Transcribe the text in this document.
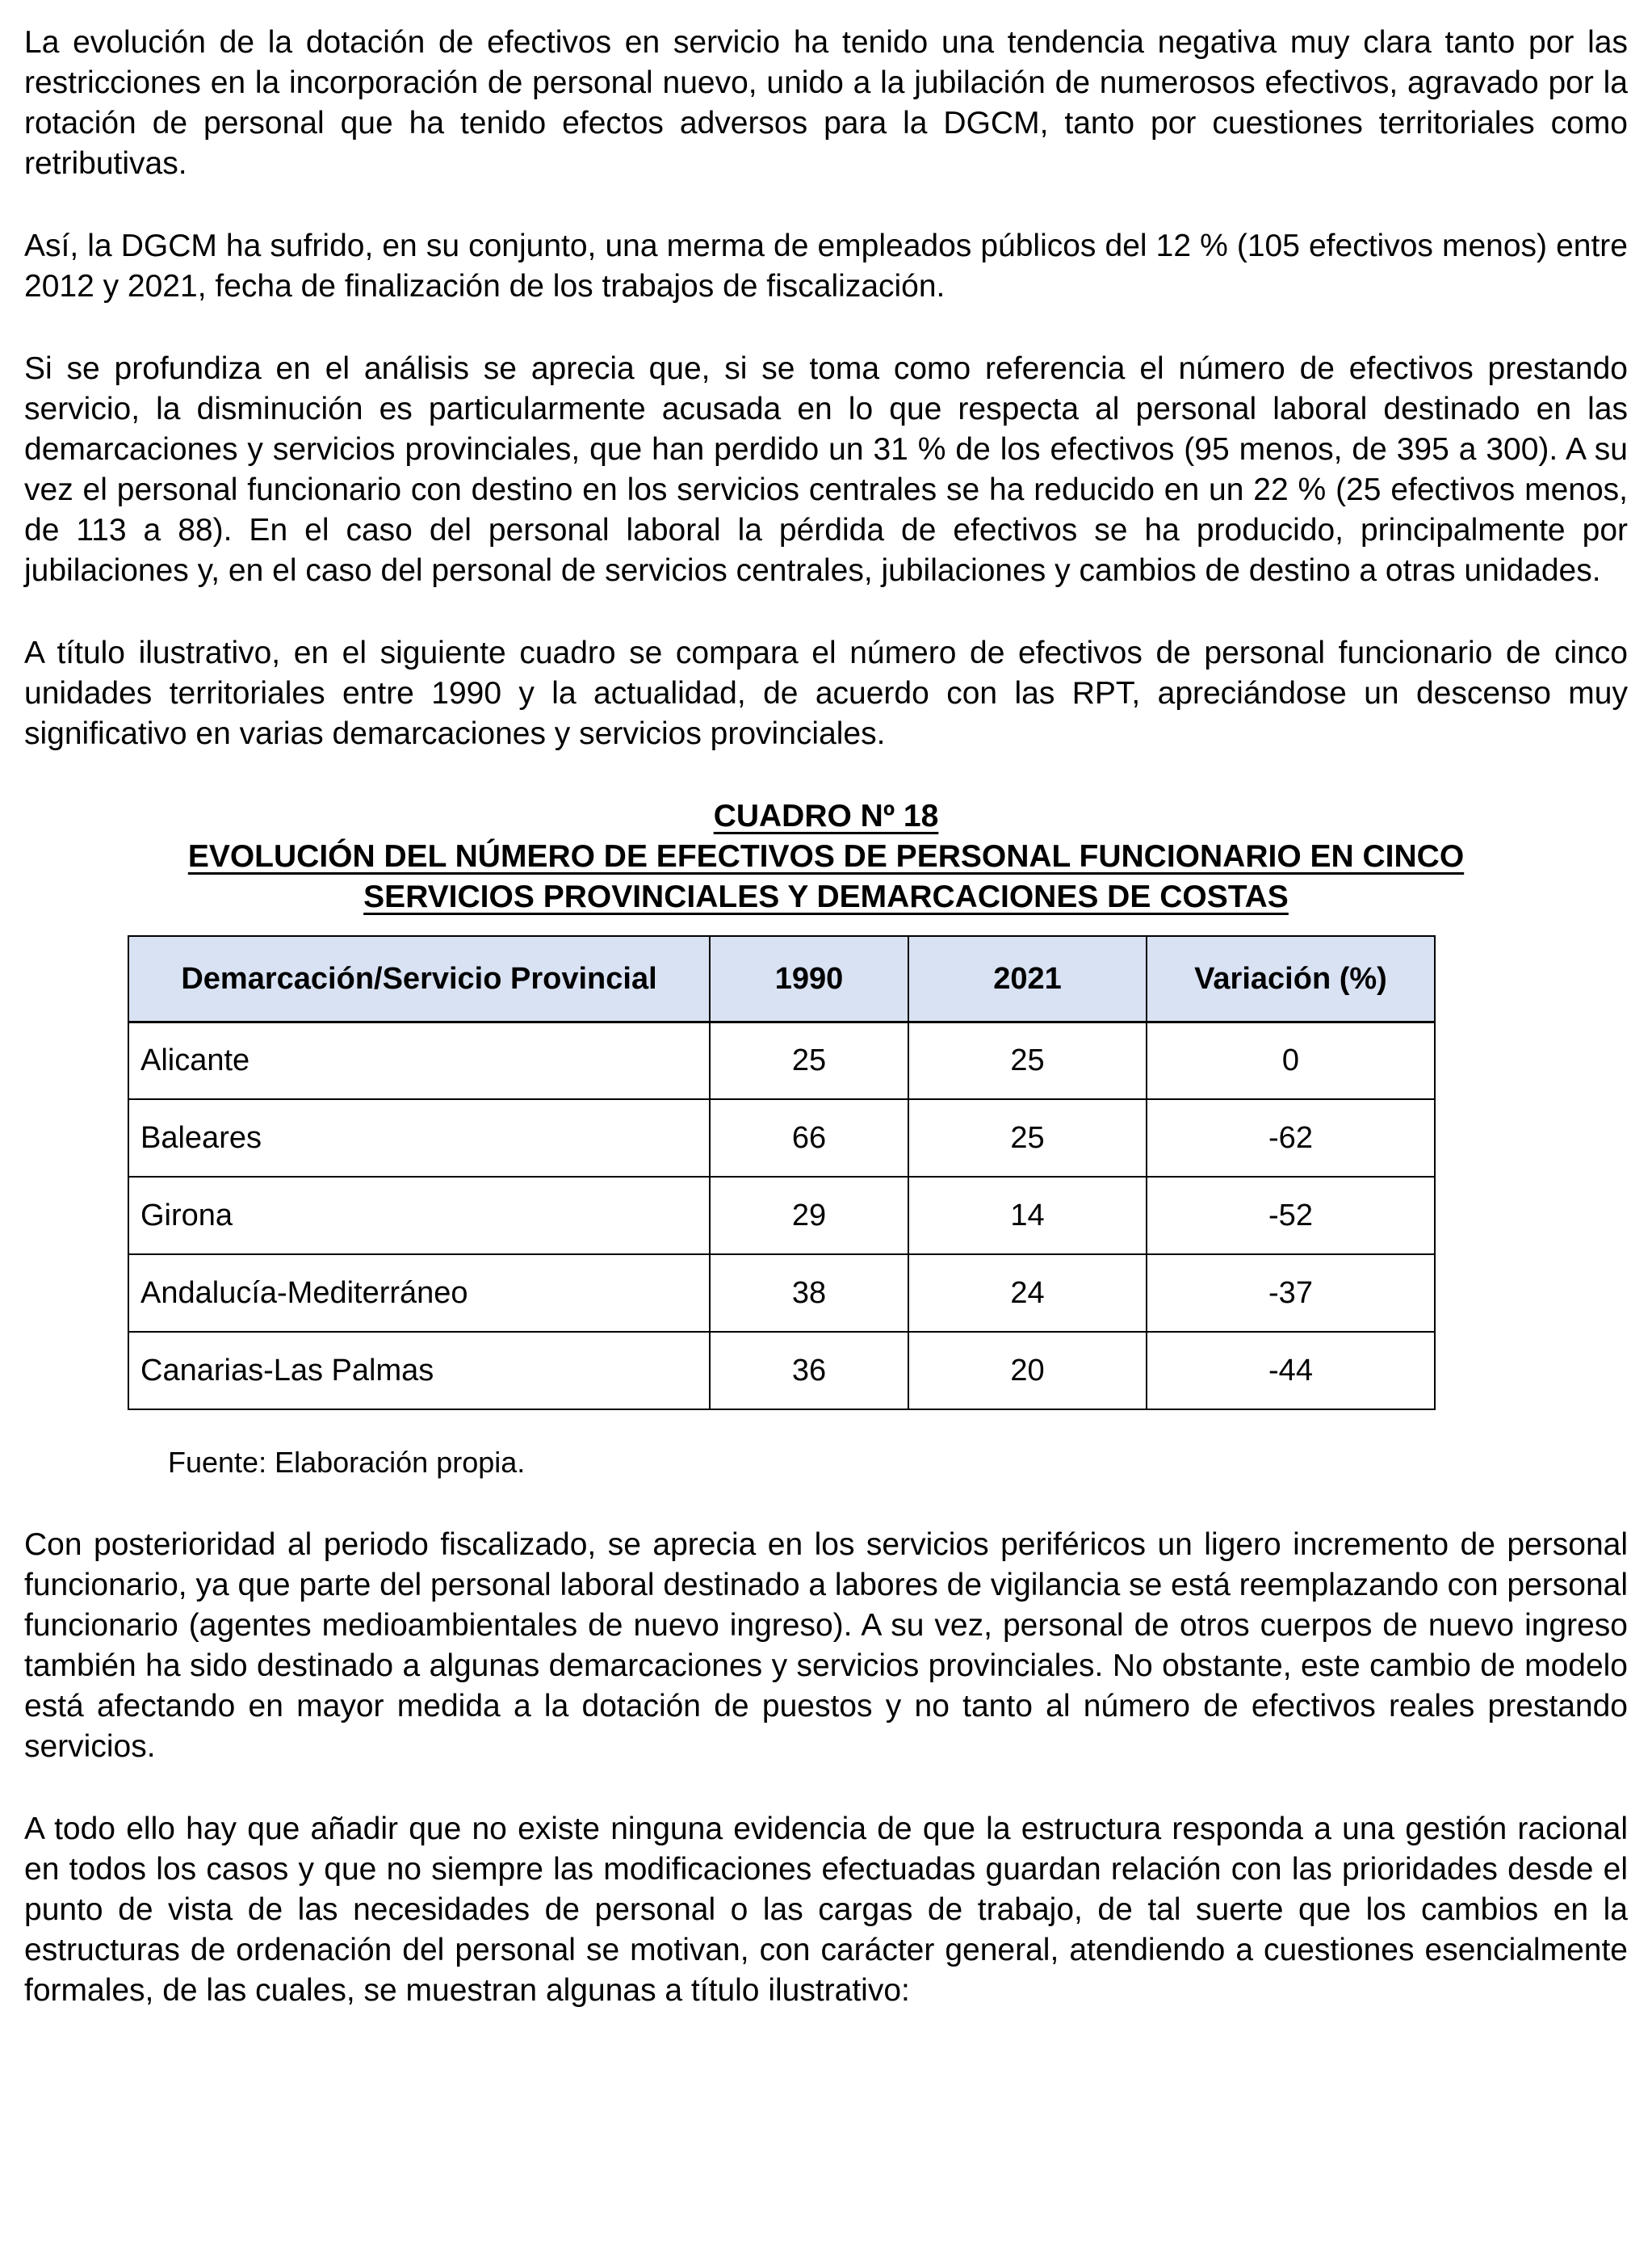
La evolución de la dotación de efectivos en servicio ha tenido una tendencia negativa muy clara tanto por las restricciones en la incorporación de personal nuevo, unido a la jubilación de numerosos efectivos, agravado por la rotación de personal que ha tenido efectos adversos para la DGCM, tanto por cuestiones territoriales como retributivas.

Así, la DGCM ha sufrido, en su conjunto, una merma de empleados públicos del 12 % (105 efectivos menos) entre 2012 y 2021, fecha de finalización de los trabajos de fiscalización.

Si se profundiza en el análisis se aprecia que, si se toma como referencia el número de efectivos prestando servicio, la disminución es particularmente acusada en lo que respecta al personal laboral destinado en las demarcaciones y servicios provinciales, que han perdido un 31 % de los efectivos (95 menos, de 395 a 300). A su vez el personal funcionario con destino en los servicios centrales se ha reducido en un 22 % (25 efectivos menos, de 113 a 88). En el caso del personal laboral la pérdida de efectivos se ha producido, principalmente por jubilaciones y, en el caso del personal de servicios centrales, jubilaciones y cambios de destino a otras unidades.

A título ilustrativo, en el siguiente cuadro se compara el número de efectivos de personal funcionario de cinco unidades territoriales entre 1990 y la actualidad, de acuerdo con las RPT, apreciándose un descenso muy significativo en varias demarcaciones y servicios provinciales.

CUADRO Nº 18
EVOLUCIÓN DEL NÚMERO DE EFECTIVOS DE PERSONAL FUNCIONARIO EN CINCO
SERVICIOS PROVINCIALES Y DEMARCACIONES DE COSTAS
Demarcación/Servicio Provincial	1990	2021	Variación (%)
Alicante	25	25	0
Baleares	66	25	-62
Girona	29	14	-52
Andalucía-Mediterráneo	38	24	-37
Canarias-Las Palmas	36	20	-44
Fuente: Elaboración propia.

Con posterioridad al periodo fiscalizado, se aprecia en los servicios periféricos un ligero incremento de personal funcionario, ya que parte del personal laboral destinado a labores de vigilancia se está reemplazando con personal funcionario (agentes medioambientales de nuevo ingreso). A su vez, personal de otros cuerpos de nuevo ingreso también ha sido destinado a algunas demarcaciones y servicios provinciales. No obstante, este cambio de modelo está afectando en mayor medida a la dotación de puestos y no tanto al número de efectivos reales prestando servicios.

A todo ello hay que añadir que no existe ninguna evidencia de que la estructura responda a una gestión racional en todos los casos y que no siempre las modificaciones efectuadas guardan relación con las prioridades desde el punto de vista de las necesidades de personal o las cargas de trabajo, de tal suerte que los cambios en la estructuras de ordenación del personal se motivan, con carácter general, atendiendo a cuestiones esencialmente formales, de las cuales, se muestran algunas a título ilustrativo:
